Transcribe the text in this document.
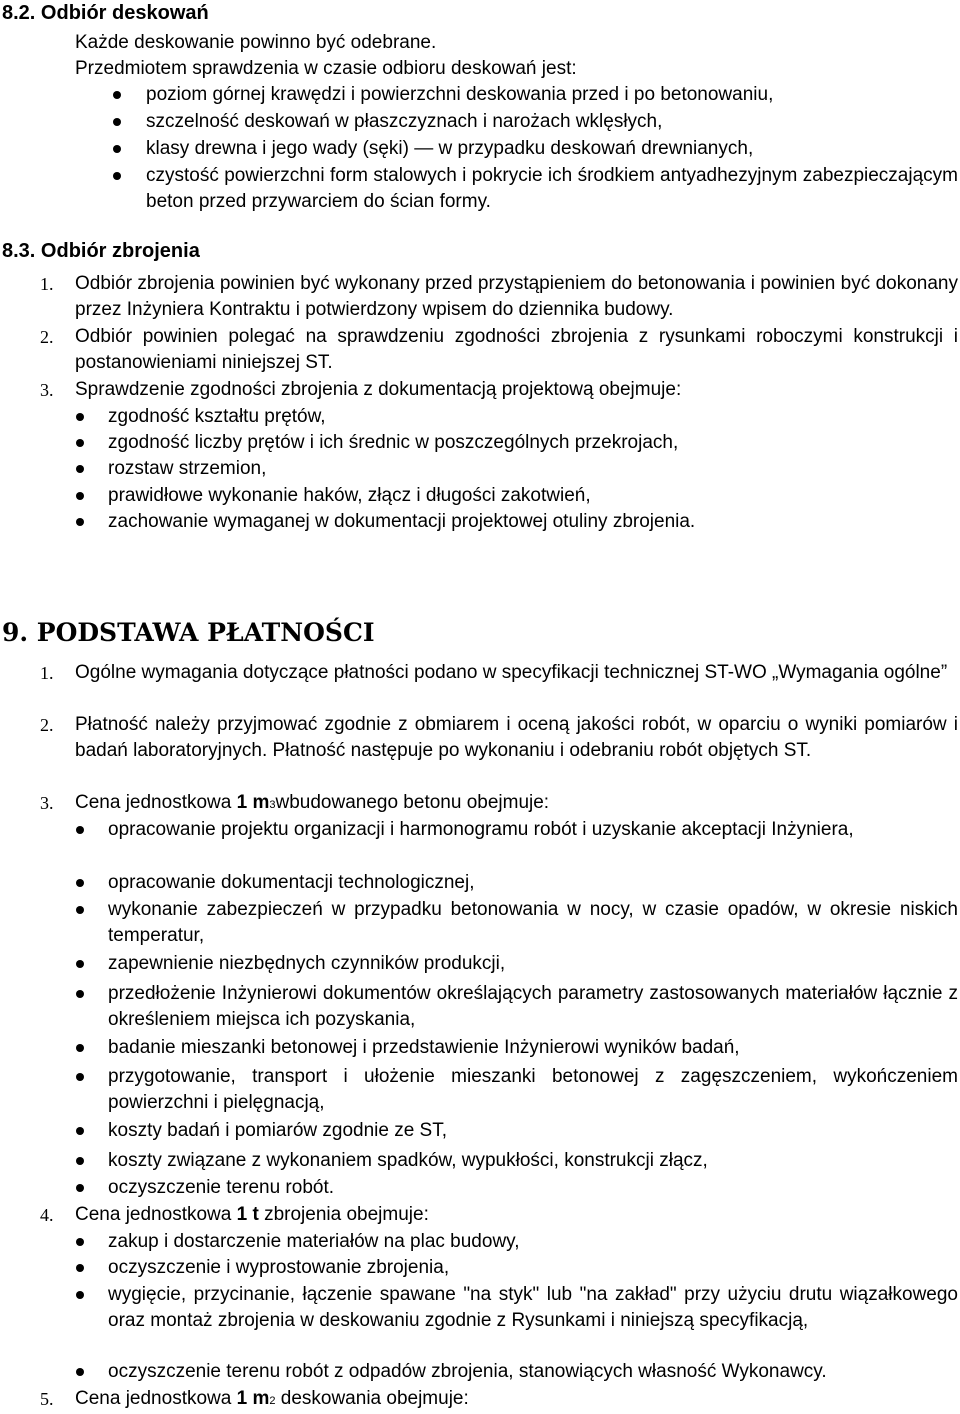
8.2. Odbiór deskowań
Każde deskowanie powinno być odebrane.
Przedmiotem sprawdzenia w czasie odbioru deskowań jest:
poziom górnej krawędzi i powierzchni deskowania przed i po betonowaniu,
szczelność deskowań w płaszczyznach i narożach wklęsłych,
klasy drewna i jego wady (sęki) — w przypadku deskowań drewnianych,
czystość powierzchni form stalowych i pokrycie ich środkiem antyadhezyjnym zabezpieczającym beton przed przywarciem do ścian formy.
8.3. Odbiór zbrojenia
1.	Odbiór zbrojenia powinien być wykonany przed przystąpieniem do betonowania i powinien być dokonany przez Inżyniera Kontraktu i potwierdzony wpisem do dziennika budowy.
2.	Odbiór powinien polegać na sprawdzeniu zgodności zbrojenia z rysunkami roboczymi konstrukcji i postanowieniami niniejszej ST.
3.	Sprawdzenie zgodności zbrojenia z dokumentacją projektową obejmuje:
zgodność kształtu prętów,
zgodność liczby prętów i ich średnic w poszczególnych przekrojach,
rozstaw strzemion,
prawidłowe wykonanie haków, złącz i długości zakotwień,
zachowanie wymaganej w dokumentacji projektowej otuliny zbrojenia.
9. PODSTAWA PŁATNOŚCI
1.	Ogólne wymagania dotyczące płatności podano w specyfikacji technicznej ST-WO „Wymagania ogólne”
2.	Płatność należy przyjmować zgodnie z obmiarem i oceną jakości robót, w oparciu o wyniki pomiarów i badań laboratoryjnych. Płatność następuje po wykonaniu i odebraniu robót objętych ST.
3.	Cena jednostkowa 1 m3wbudowanego betonu obejmuje:
opracowanie projektu organizacji i harmonogramu robót i uzyskanie akceptacji Inżyniera,
opracowanie dokumentacji technologicznej,
wykonanie zabezpieczeń w przypadku betonowania w nocy, w czasie opadów, w okresie niskich temperatur,
zapewnienie niezbędnych czynników produkcji,
przedłożenie Inżynierowi dokumentów określających parametry zastosowanych materiałów łącznie z określeniem miejsca ich pozyskania,
badanie mieszanki betonowej i przedstawienie Inżynierowi wyników badań,
przygotowanie, transport i ułożenie mieszanki betonowej z zagęszczeniem, wykończeniem powierzchni i pielęgnacją,
koszty badań i pomiarów zgodnie ze ST,
koszty związane z wykonaniem spadków, wypukłości, konstrukcji złącz,
oczyszczenie terenu robót.
4.	Cena jednostkowa 1 t zbrojenia obejmuje:
zakup i dostarczenie materiałów na plac budowy,
oczyszczenie i wyprostowanie zbrojenia,
wygięcie, przycinanie, łączenie spawane "na styk" lub "na zakład" przy użyciu drutu wiązałkowego oraz montaż zbrojenia w deskowaniu zgodnie z Rysunkami i niniejszą specyfikacją,
oczyszczenie terenu robót z odpadów zbrojenia, stanowiących własność Wykonawcy.
5.	Cena jednostkowa 1 m2 deskowania obejmuje:
